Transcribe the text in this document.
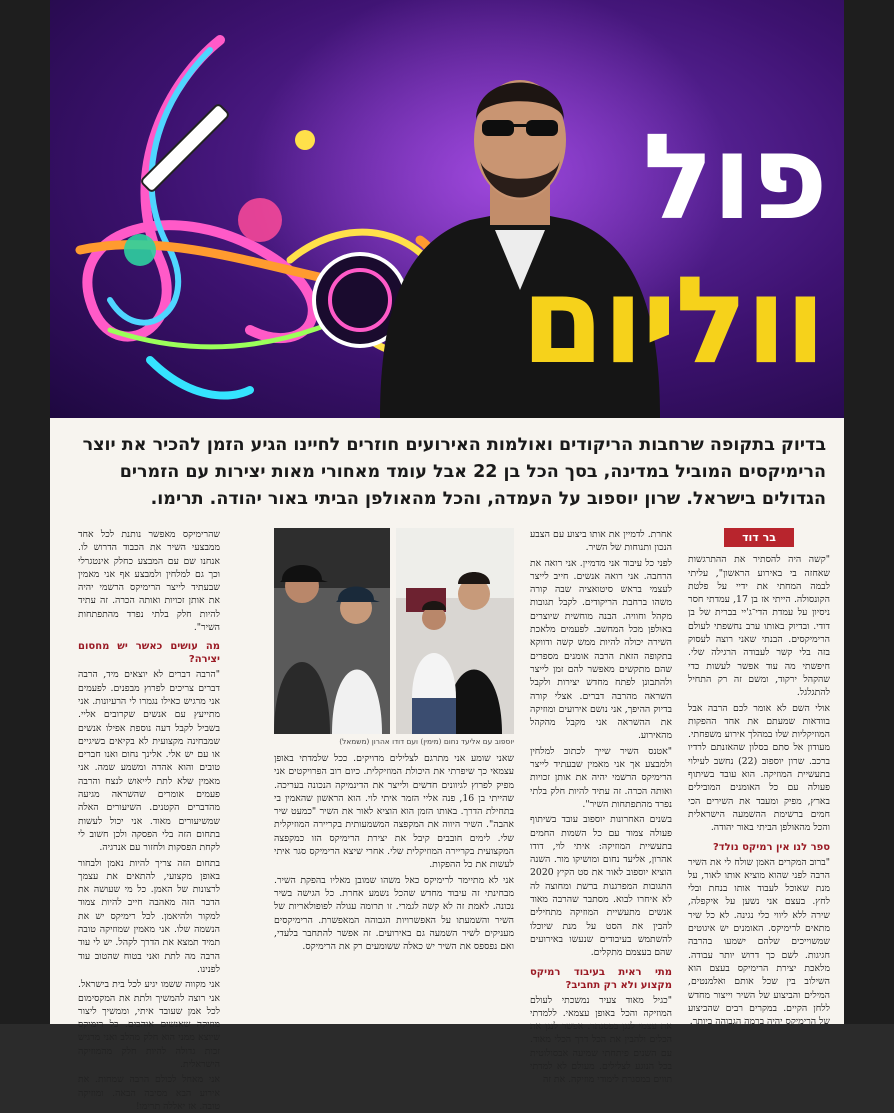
פול
ווליום
בדיוק בתקופה שרחבות הריקודים ואולמות האירועים חוזרים לחיינו הגיע הזמן להכיר את יוצר הרימיקסים המוביל במדינה, בסך הכל בן 22 אבל עומד מאחורי מאות יצירות עם הזמרים הגדולים בישראל. שרון יוספוב על העמדה, והכל מהאולפן הביתי באור יהודה. תרימו.
בר דוד

"קשה היה להסתיר את ההתרגשות שאחזה בי באירוע הראשון", עליתי לבמה המחתי את ידיי על פלטת הקונסולה. הייתי אז בן 17, עמדתי חסר ניסיון על עמדת הדי־ג'יי בברית של בן דודי. ובדיוק באותו ערב נחשפתי לעולם הרימיקסים. הבנתי שאני רוצה לעסוק בזה בלי קשר לעבודה הרגילה שלי. חיפשתי מה עוד אפשר לעשות כדי שהקהל ירקוד, ומשם זה רק התחיל להתגלגל.

אולי השם לא אומר לכם הרבה אבל בוודאות שמעתם את אחד ההפקות המוזיקליות שלו במהלך אירוע משפחתי. מעודון אל סתם בסלון שהאזנתם לרדיו ברכב. שרון יוספוב (22) נחשב לעילוי בתעשיית המוזיקה. הוא עובד בשיתוף פעולה עם כל האומנים המובילים בארץ, מפיק ומעבד את השירים הכי חמים ברשימת ההשמעה הישראלית והכל מהאולפן הביתי באור יהודה.

ספר לנו אין רמיקס נולד?

"ברוב המקרים האמן שולח לי את השיר הרבה לפני שהוא מוציא אותו לאור, על מנת שאוכל לעבוד אותו בנחת ובלי לחץ. בעצם אני נשען על איקפלה, שירה ללא ליווי כלי נגינה. לא כל שיר מתאים לרימיקס. האומנים יש איגוטים שמשוייכים שלהם ישמעו בהרבה חגיגות. לשם כך דרוש יותר עבודה. מלאכת יצירת הרימיקס בעצם הוא השילוב בין שכל אותם ואלמנטים, המילים והביצוע של השיר וייצור מחדש ללחן הקיים. במקרים רבים שהביצוע של הרימיקס יהיה ברמה הגבוהה ביותר.

אחרת. לדמיין את אותו ביצוע עם הצבע הנכון ותנוחות של השיר.

לפני כל עיבוד אני מדמיין. אני רואה את הרחבה. אני רואה אנשים. חייב לייצר לעצמי בראש סיטואציה שבה קורה משהו ברחבת הריקודים. לקבל תגובות מקהל וחוויה. הבנה מוחשית שיוצרים באולפן מכל המחשב. לפעמים מלאכת השירה יכולה להיות ממש קשה ודווקא בתקופה הזאת הרבה אומנים מספרים שהם מתקשים מאפשר להם זמן לייצר ולהתבונן לפתח מחדש יצירות ולקבל השראה מהרבה דברים. אצלי קורה בדיוק ההיפך, אני נושם אירועים ומוזיקה את ההשראה אני מקבל מהקהל מהאירוע.

"אטנס השיר שייך לכתוב למלחין ולמבצע אך אני מאמין שבעתיד לייצר הרימיקס הרשמי יהיה את אותן זכויות ואותה הכרה. זה עתיד להיות חלק בלתי נפרד מהתפתחות השיר".

בשנים האחרונות יוספוב עובד בשיתוף פעולה צמוד עם כל השמות החמים בתעשיית המוזיקה: איתי לוי, דודו אהרון, אליעד נחום ומושיקו מור. השנה הוציא יוספוב לאור את סט הקיץ 2020 התגובות המפרגנות ברשת ומחוצה לה לא איחרו לבוא. מסתבר שהרבה מאוד אנשים מתעשיית המוזיקה מתחילים להבין את הסט על מנת שיוכלו להשתמש בעיבודים שנעשו באירועים שהם בעצמם מתקלים.

מתי ראית בעיבוד רמיקס מקצוע ולא רק תחביב?

"כגיל מאוד צעיר נמשכתי לעולם המוזיקה והכל באופן עצמאי. ללמדתי את עצמי לנגן בפסנתר. אפשר לנגן את הכלים ולהבין את הכל דרך הכלי מאוד. עם השנים פיתחתי שמיעה אבסולוטית בכל הנוגע לצלילים. מעולם לא למדתי תווים במסגרת לימודי מוזיקה. את זה

יוספוב עם אליעד נחום (מימין) ועם דודו אהרון (משמאל)

שאני שומע אני מתרגם לצלילים מדויקים. ככל שלמדתי באופן עצמאי כך שיפרתי את היכולת המוזיקלית. כיום רוב הפרויקטים אני מפיק לפרוץ לגיוונים חדשים ולייצר את הדינמיקה הנכונה בעריכה. שהייתי בן 16, פנה אליי הזמר איתי לוי. הוא הראשון שהאמין בי בתחילת הדרך. באותו הזמן הוא הוציא לאור את השיר "כמעט שיר אהבה". השיר היווה את המקפצה המשמעותית בקריירה המוזיקלית שלי. לימים חובבים קיבל את יצירת הרימיקס הזו כמקפצה המקצועית בקריירה המוזיקלית שלי. אחרי שיצא הרימיקס סגר איתי לעשות את כל ההפקות.

אני לא מתיימר לרימיקס כאל משהו שמובן מאליו בהפקת השיר. מבחינתי זה עיבוד מחדש שהכל נשמע אחרת. כל הגישה בשיר נכונה. לאמת זה לא קשה לגמרי. זו תרומה עגולה לפופולאריות של השיר והשמעתו על האפשרויות הגבוהה המאפשרת. הרימיקסים מעניקים לשיר השמעה גם באירועים. זה אפשר להתחבר בלעדי, ואם נפספס את השיר יש כאלה ששומעים רק את הרימיקס.

שהרימיקס מאפשר נותנת לכל אחד ממבצעי השיר את הכבוד הדרוש לו. אנחנו שם עם המבצע כחלק אינטגרלי וכך גם למלחין ולמבצע אף אני מאמין שבעתיד לייצר הרימיקס הרשמי יהיה את אותן זכויות ואותה הכרה. זה עתיד להיות חלק בלתי נפרד מהתפתחות השיר".

מה עושים כאשר יש מחסום יצירה?

"הרבה דברים לא יוצאים מיד, הרבה דברים צריכים לפרוץ מבפנים. לפעמים אני מרגיש כאילו נגמרו לי הרעיונות. אני מתייעץ עם אנשים שקרובים אליי. בשביל לקבל דעה נוספת אפילו אנשים שמבחינה מקצועית לא בקיאים בשיגיים או עם יש אלי. אלינך נחום ואנו חברים טובים והוא אהדה ומשמע שמה. אני מאמין שלא לתת לייאוש לנצח והרבה פעמים אומרים שהשראה מגיעה מהדברים הקטנים. השיעורים האלה שמשיעורים מאוד. אני יכול לעשות בתחום הזה בלי הפסקה ולכן חשוב לי לקחת הפסקות ולחזור עם אנרגיה.

בתחום הזה צריך להיות נאמן ולבחור באופן מקצועי, להתאים את עצמך לרצונות של האמן. כל מי שעושה את הדבר הזה מאהבה חייב להיות צמוד למקור ולהיאמן. לכל רימיקס יש את הנשמה שלו. אני מאמין שמוזיקה טובה תמיד תמצא את הדרך לקהל. יש לי עוד הרבה מה לתת ואני בטוח שהטוב עוד לפנינו.

אני מקווה ששמו יגיע לכל בית בישראל. אני רוצה להמשיך ולתת את המקסימום לכל אמן שעובד איתי, וממשיך ליצור מוזיקה שאנשים אוהבים. כל רימיקס שיוצא ממני הוא חלק מהלב ואני מרגיש זכות גדולה להיות חלק מהמוזיקה הישראלית.

אני מאחל לכולם הרבה שמחות. את אירוע הבא מסיבה הבאה. ומוזיקה טובה. אז יאללה תרימו!
